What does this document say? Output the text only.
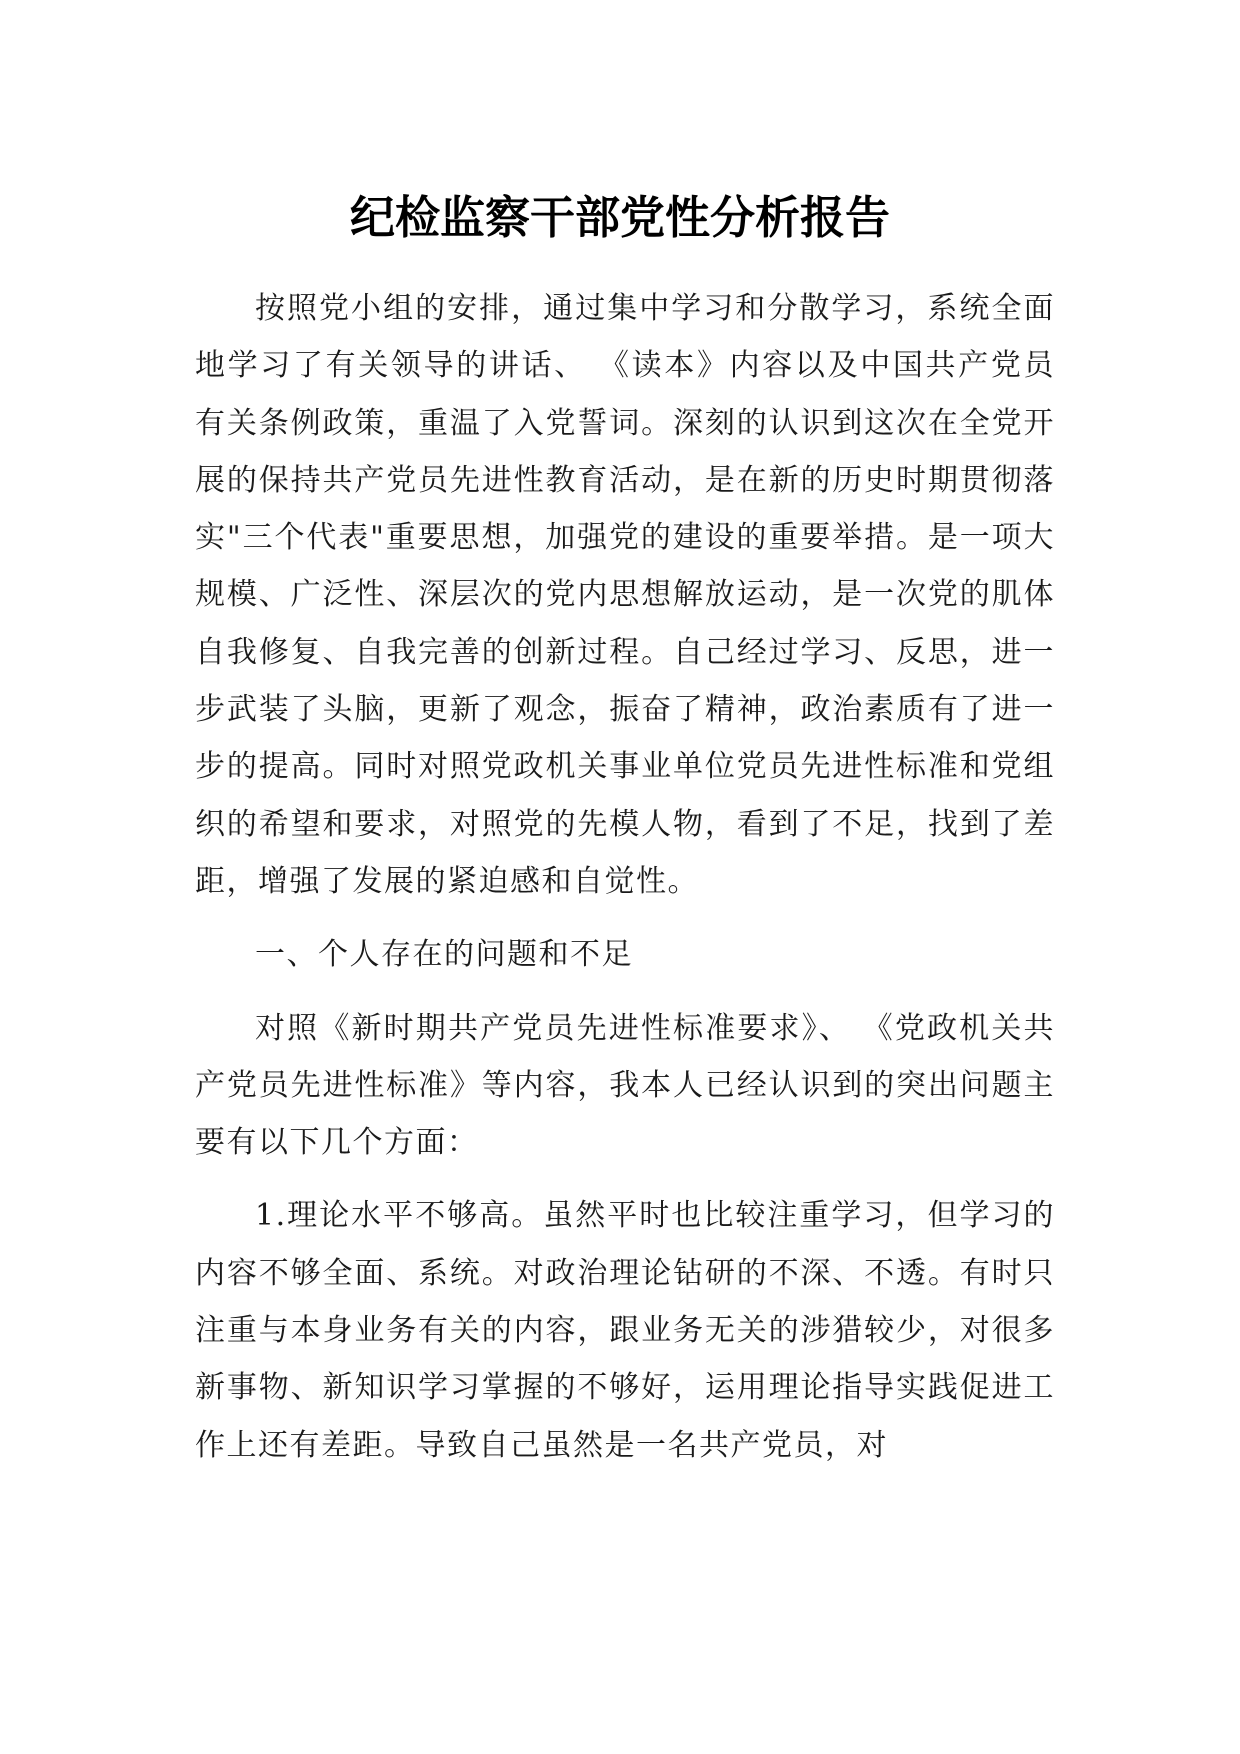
纪检监察干部党性分析报告

按照党小组的安排，通过集中学习和分散学习，系统全面地学习了有关领导的讲话、 《读本》内容以及中国共产党员有关条例政策，重温了入党誓词。深刻的认识到这次在全党开展的保持共产党员先进性教育活动，是在新的历史时期贯彻落实"三个代表"重要思想，加强党的建设的重要举措。是一项大规模、广泛性、深层次的党内思想解放运动，是一次党的肌体自我修复、自我完善的创新过程。自己经过学习、反思，进一步武装了头脑，更新了观念，振奋了精神，政治素质有了进一步的提高。同时对照党政机关事业单位党员先进性标准和党组织的希望和要求，对照党的先模人物，看到了不足，找到了差距，增强了发展的紧迫感和自觉性。

一、个人存在的问题和不足

对照《新时期共产党员先进性标准要求》、 《党政机关共产党员先进性标准》等内容，我本人已经认识到的突出问题主要有以下几个方面：

1.理论水平不够高。虽然平时也比较注重学习，但学习的内容不够全面、系统。对政治理论钻研的不深、不透。有时只注重与本身业务有关的内容，跟业务无关的涉猎较少，对很多新事物、新知识学习掌握的不够好，运用理论指导实践促进工作上还有差距。导致自己虽然是一名共产党员，对
